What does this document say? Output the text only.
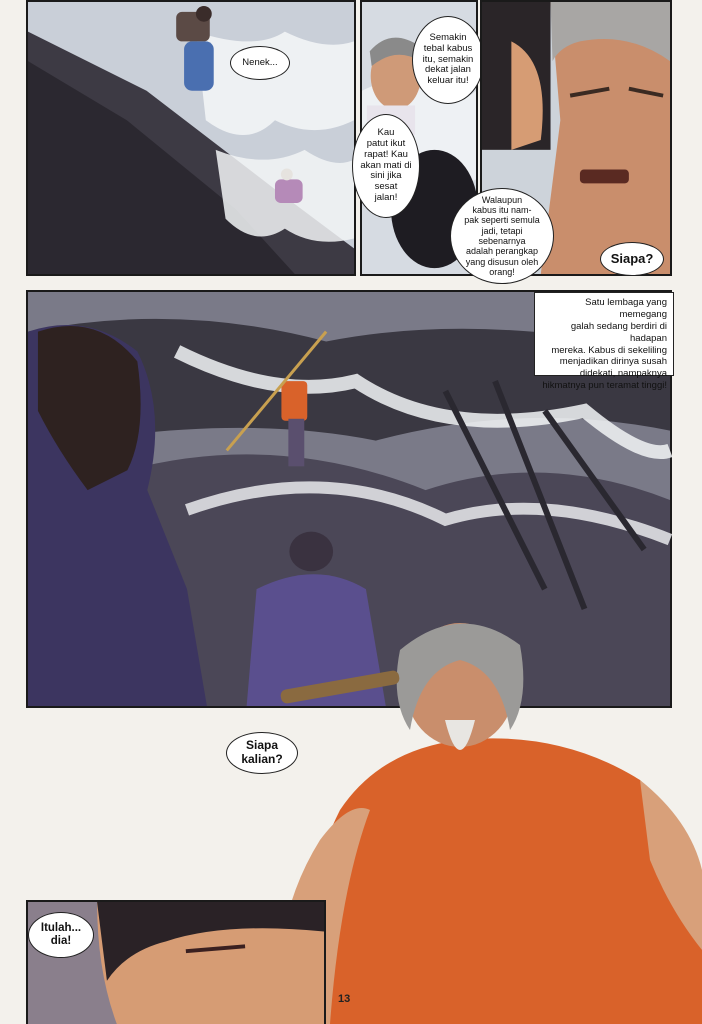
Nenek...
Semakin
tebal kabus
itu, semakin
dekat jalan
keluar itu!
Kau
patut ikut
rapat! Kau
akan mati di
sini jika
sesat
jalan!	Walaupun
kabus itu nam-
pak seperti semula
jadi, tetapi sebenarnya
adalah perangkap
yang disusun oleh
orang!
Siapa?
Satu lembaga yang memegang
galah sedang berdiri di hadapan
mereka. Kabus di sekeliling
menjadikan dirinya susah
didekati, nampaknya
hikmatnya pun teramat tinggi!
Siapa
kalian?
Itulah...
dia!
13
